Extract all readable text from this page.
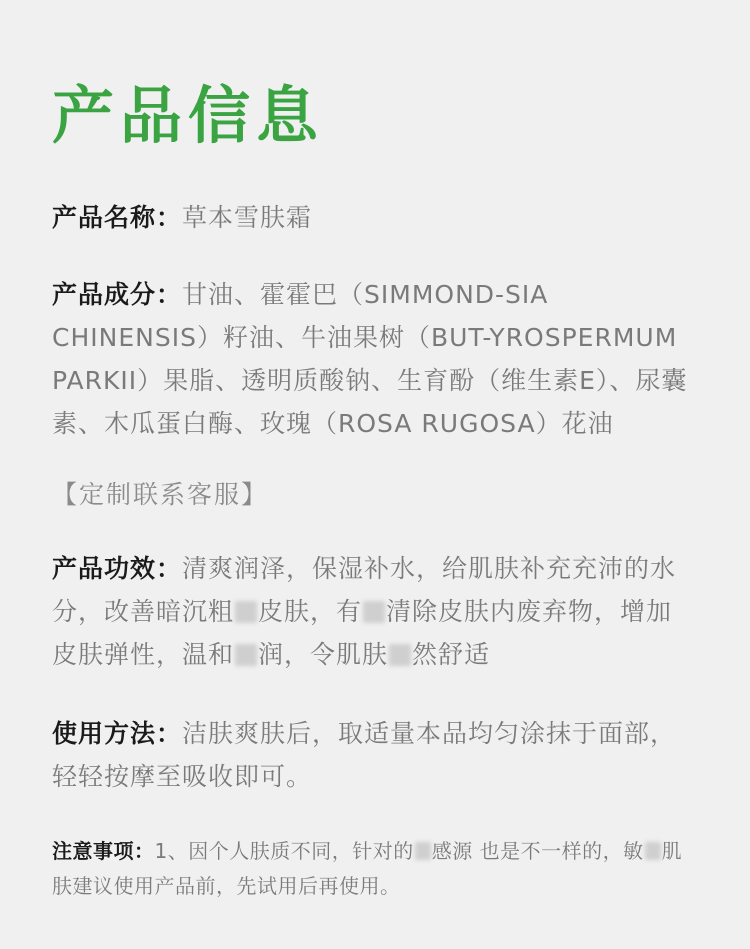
产品信息
产品名称：草本雪肤霜
产品成分：甘油、霍霍巴（SIMMOND-SIA CHINENSIS）籽油、牛油果树（BUT-YROSPERMUM PARKII）果脂、透明质酸钠、生育酚（维生素E）、尿囊素、木瓜蛋白酶、玫瑰（ROSA RUGOSA）花油
【定制联系客服】
产品功效：清爽润泽，保湿补水，给肌肤补充充沛的水分，改善暗沉粗 皮肤，有 清除皮肤内废弃物，增加皮肤弹性，温和 润，令肌肤 然舒适
使用方法：洁肤爽肤后，取适量本品均匀涂抹于面部，轻轻按摩至吸收即可。
注意事项：1、因个人肤质不同，针对的 感源 也是不一样的，敏 肌肤建议使用产品前，先试用后再使用。
